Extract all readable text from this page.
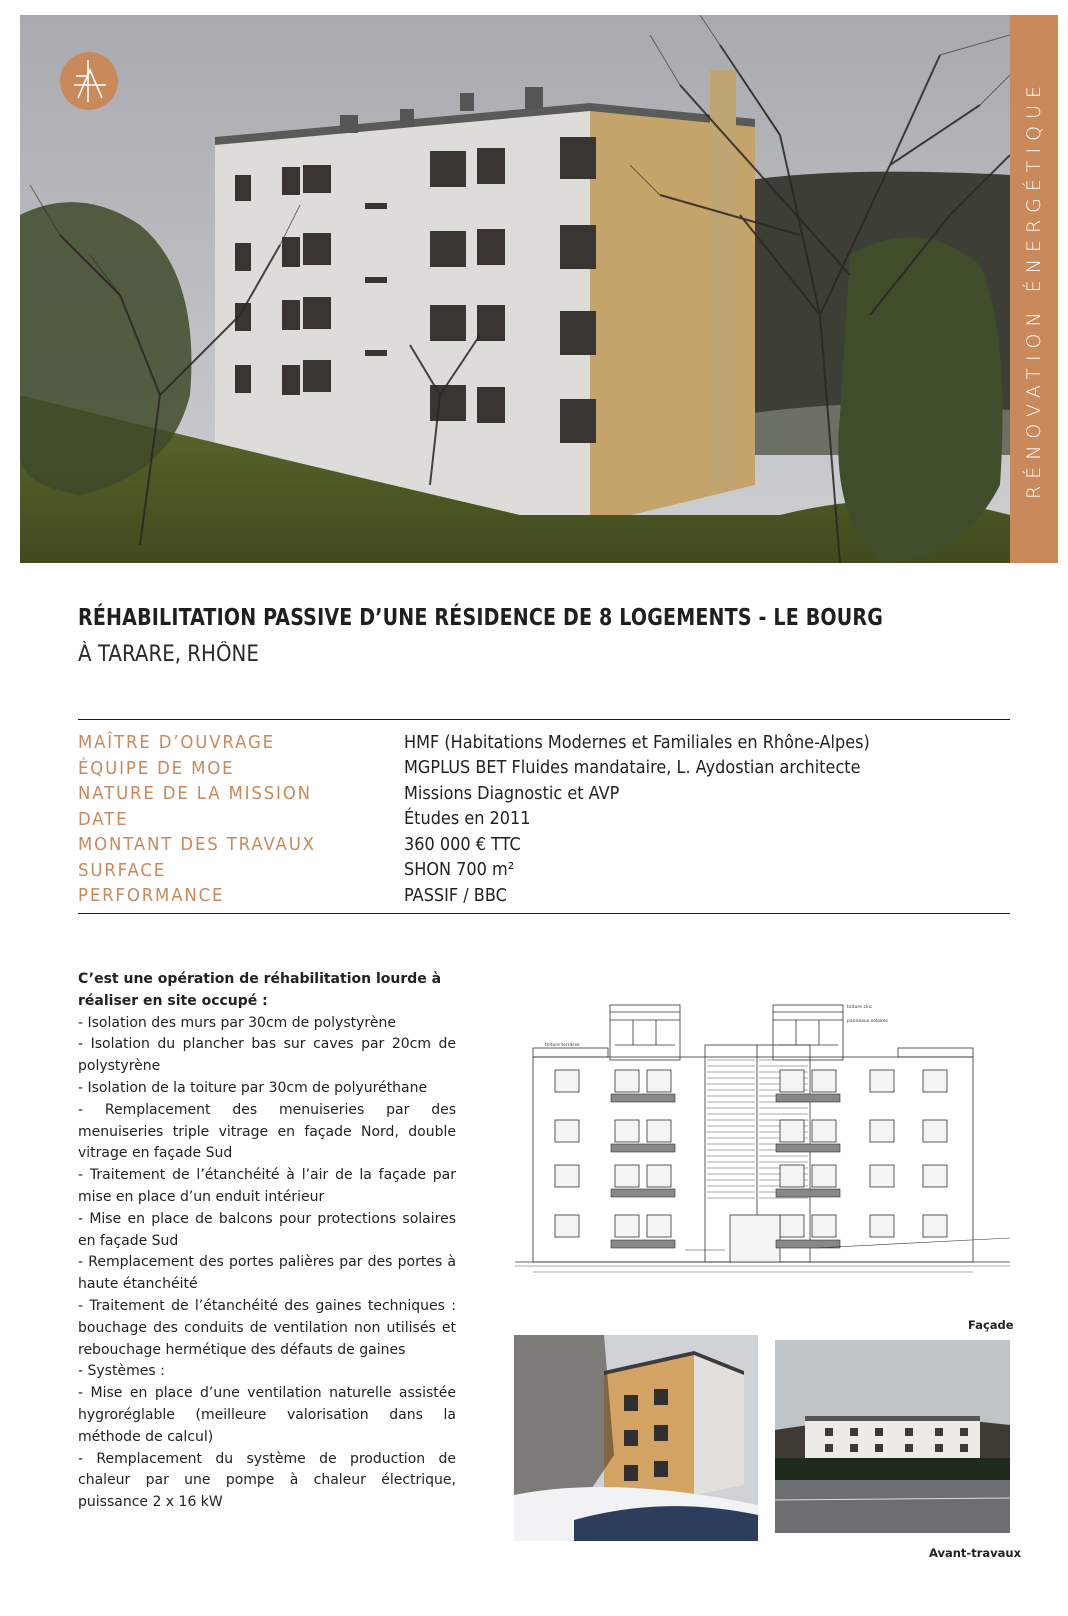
RÉNOVATION ÉNERGÉTIQUE
RÉHABILITATION PASSIVE D’UNE RÉSIDENCE DE 8 LOGEMENTS - LE BOURG
À TARARE, RHÔNE
MAÎTRE D’OUVRAGE	HMF (Habitations Modernes et Familiales en Rhône-Alpes)
ÉQUIPE DE MOE	MGPLUS BET Fluides mandataire, L. Aydostian architecte
NATURE DE LA MISSION	Missions Diagnostic et AVP
DATE	Études en 2011
MONTANT DES TRAVAUX	360 000 € TTC
SURFACE	SHON 700 m²
PERFORMANCE	PASSIF / BBC

C’est une opération de réhabilitation lourde à réaliser en site occupé :

- Isolation des murs par 30cm de polystyrène

- Isolation du plancher bas sur caves par 20cm de polystyrène

- Isolation de la toiture par 30cm de polyuréthane

- Remplacement des menuiseries par des menuiseries triple vitrage en façade Nord, double vitrage en façade Sud

- Traitement de l’étanchéité à l’air de la façade par mise en place d’un enduit intérieur

- Mise en place de balcons pour protections solaires en façade Sud

- Remplacement des portes palières par des portes à haute étanchéité

- Traitement de l’étanchéité des gaines techniques : bouchage des conduits de ventilation non utilisés et rebouchage hermétique des défauts de gaines

- Systèmes :

- Mise en place d’une ventilation naturelle assistée hygroréglable (meilleure valorisation dans la méthode de calcul)

- Remplacement du système de production de chaleur par une pompe à chaleur électrique, puissance 2 x 16 kW

toiture terrasse
toiture zinc
panneaux solaires
Façade
Avant-travaux
